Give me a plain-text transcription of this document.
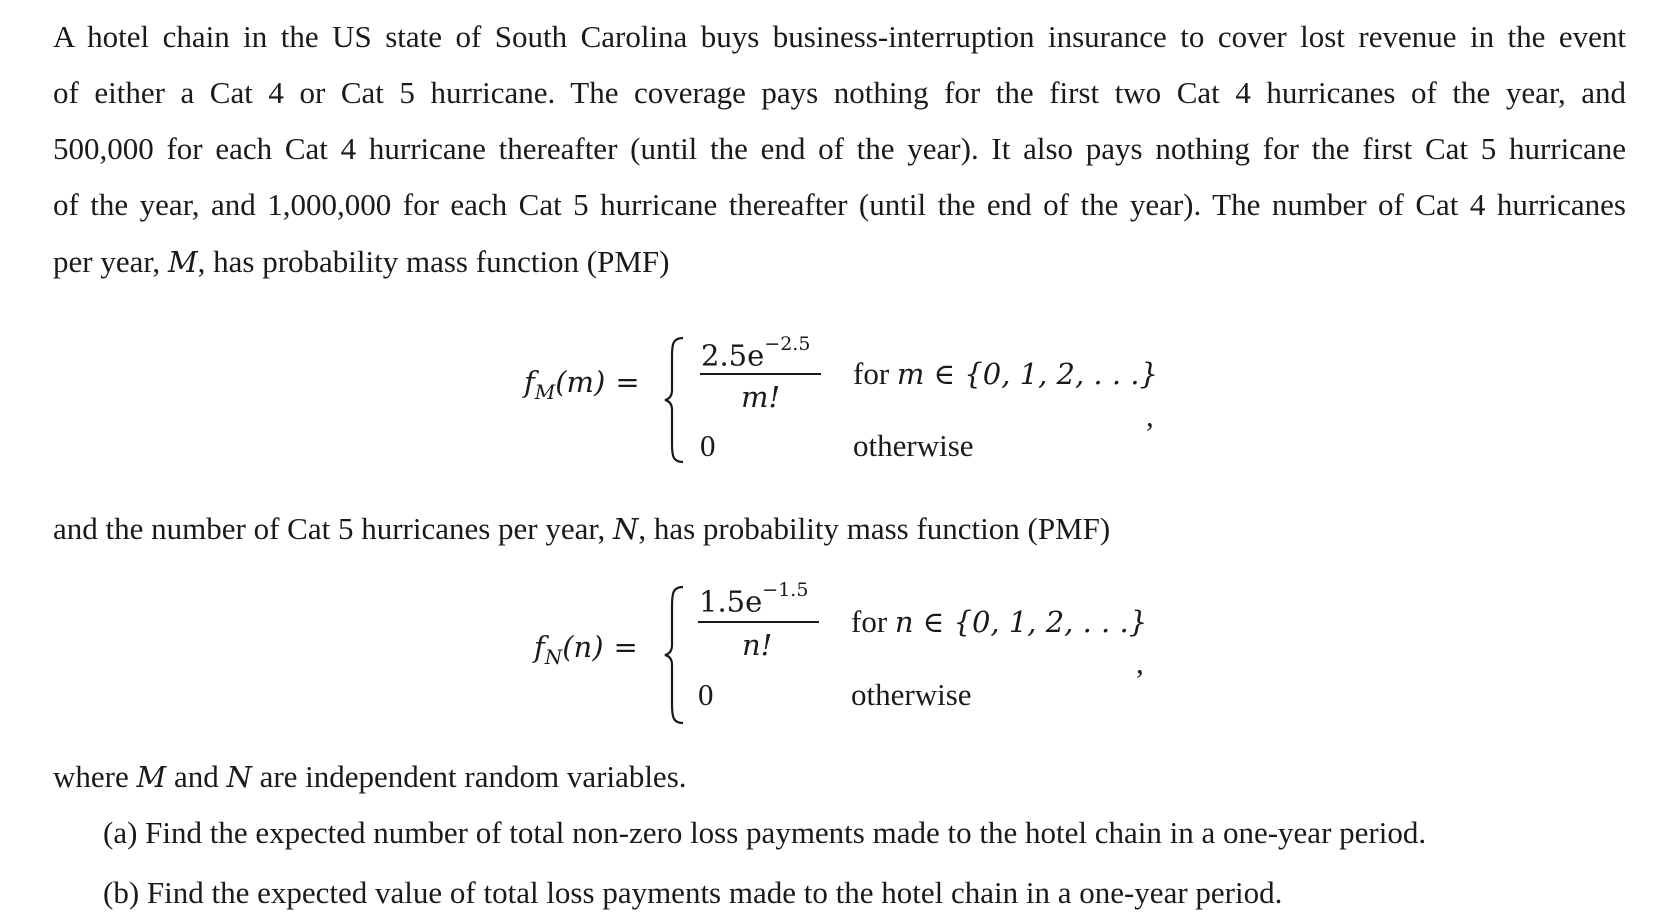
A hotel chain in the US state of South Carolina buys business-interruption insurance to cover lost revenue in the event
of either a Cat 4 or Cat 5 hurricane. The coverage pays nothing for the first two Cat 4 hurricanes of the year, and
500,000 for each Cat 4 hurricane thereafter (until the end of the year). It also pays nothing for the first Cat 5 hurricane
of the year, and 1,000,000 for each Cat 5 hurricane thereafter (until the end of the year). The number of Cat 4 hurricanes
per year, M, has probability mass function (PMF)
$f_M(m)$ =
$2.5e^{-2.5}$
m!
for m ∈ {0, 1, 2, . . .}
0	otherwise
,
and the number of Cat 5 hurricanes per year, N, has probability mass function (PMF)
$f_N(n)$ =
$1.5e^{-1.5}$
n!
for n ∈ {0, 1, 2, . . .}
0	otherwise
,
where M and N are independent random variables.
(a) Find the expected number of total non-zero loss payments made to the hotel chain in a one-year period.
(b) Find the expected value of total loss payments made to the hotel chain in a one-year period.
